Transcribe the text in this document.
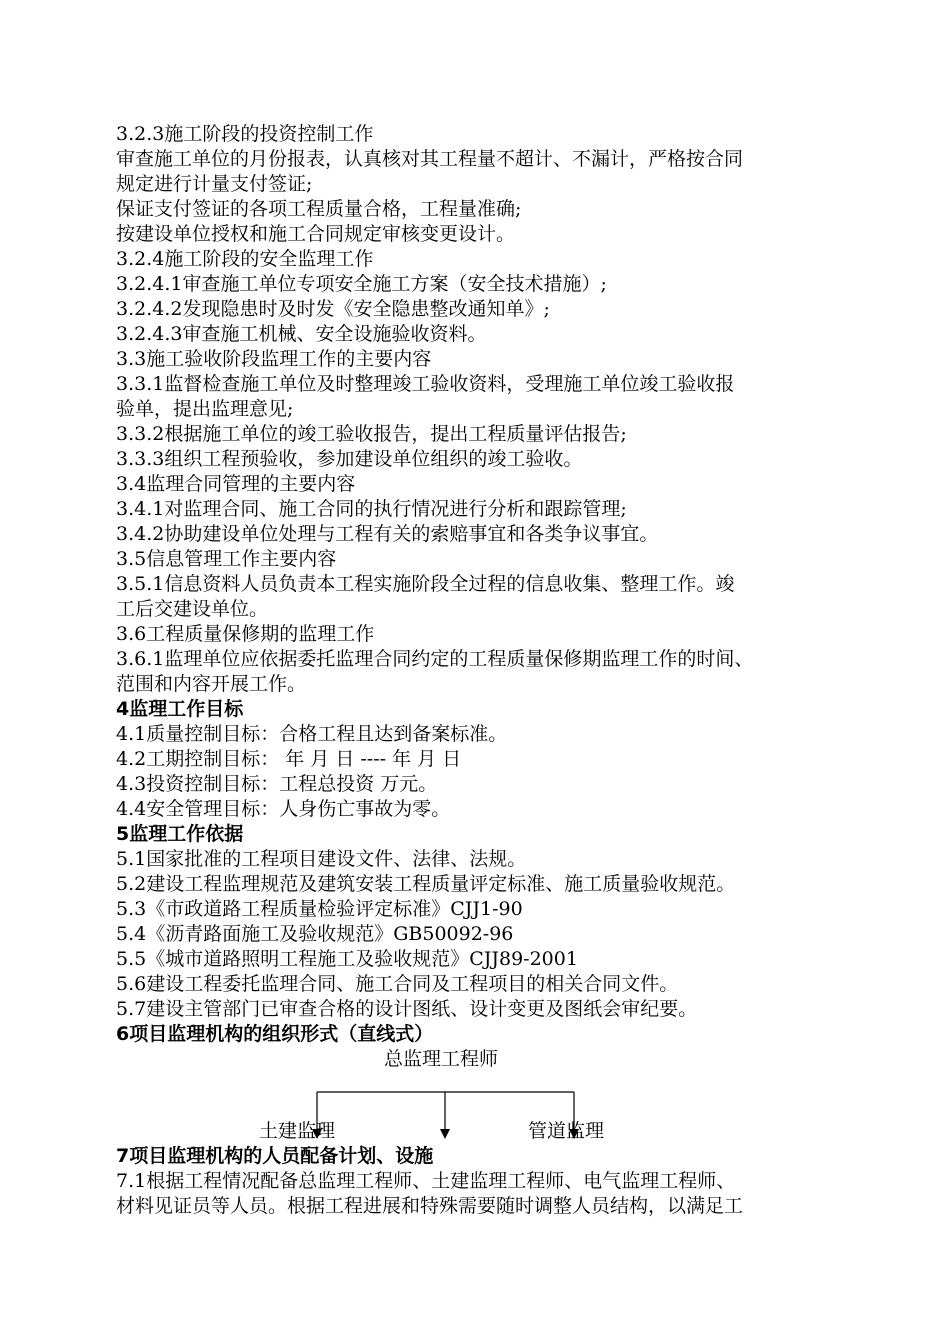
3.2.3施工阶段的投资控制工作
审查施工单位的月份报表，认真核对其工程量不超计、不漏计，严格按合同
规定进行计量支付签证;
保证支付签证的各项工程质量合格，工程量准确;
按建设单位授权和施工合同规定审核变更设计。
3.2.4施工阶段的安全监理工作
3.2.4.1审查施工单位专项安全施工方案（安全技术措施）;
3.2.4.2发现隐患时及时发《安全隐患整改通知单》;
3.2.4.3审查施工机械、安全设施验收资料。
3.3施工验收阶段监理工作的主要内容
3.3.1监督检查施工单位及时整理竣工验收资料，受理施工单位竣工验收报
验单，提出监理意见;
3.3.2根据施工单位的竣工验收报告，提出工程质量评估报告;
3.3.3组织工程预验收，参加建设单位组织的竣工验收。
3.4监理合同管理的主要内容
3.4.1对监理合同、施工合同的执行情况进行分析和跟踪管理;
3.4.2协助建设单位处理与工程有关的索赔事宜和各类争议事宜。
3.5信息管理工作主要内容
3.5.1信息资料人员负责本工程实施阶段全过程的信息收集、整理工作。竣
工后交建设单位。
3.6工程质量保修期的监理工作
3.6.1监理单位应依据委托监理合同约定的工程质量保修期监理工作的时间、
范围和内容开展工作。
4监理工作目标
4.1质量控制目标：合格工程且达到备案标准。
4.2工期控制目标： 年 月 日 ---- 年 月 日
4.3投资控制目标：工程总投资 万元。
4.4安全管理目标：人身伤亡事故为零。
5监理工作依据
5.1国家批准的工程项目建设文件、法律、法规。
5.2建设工程监理规范及建筑安装工程质量评定标准、施工质量验收规范。
5.3《市政道路工程质量检验评定标准》CJJ1-90
5.4《沥青路面施工及验收规范》GB50092-96
5.5《城市道路照明工程施工及验收规范》CJJ89-2001
5.6建设工程委托监理合同、施工合同及工程项目的相关合同文件。
5.7建设主管部门已审查合格的设计图纸、设计变更及图纸会审纪要。
6项目监理机构的组织形式（直线式）
总监理工程师
土建监理	管道监理
7项目监理机构的人员配备计划、设施
7.1根据工程情况配备总监理工程师、土建监理工程师、电气监理工程师、
材料见证员等人员。根据工程进展和特殊需要随时调整人员结构，以满足工
